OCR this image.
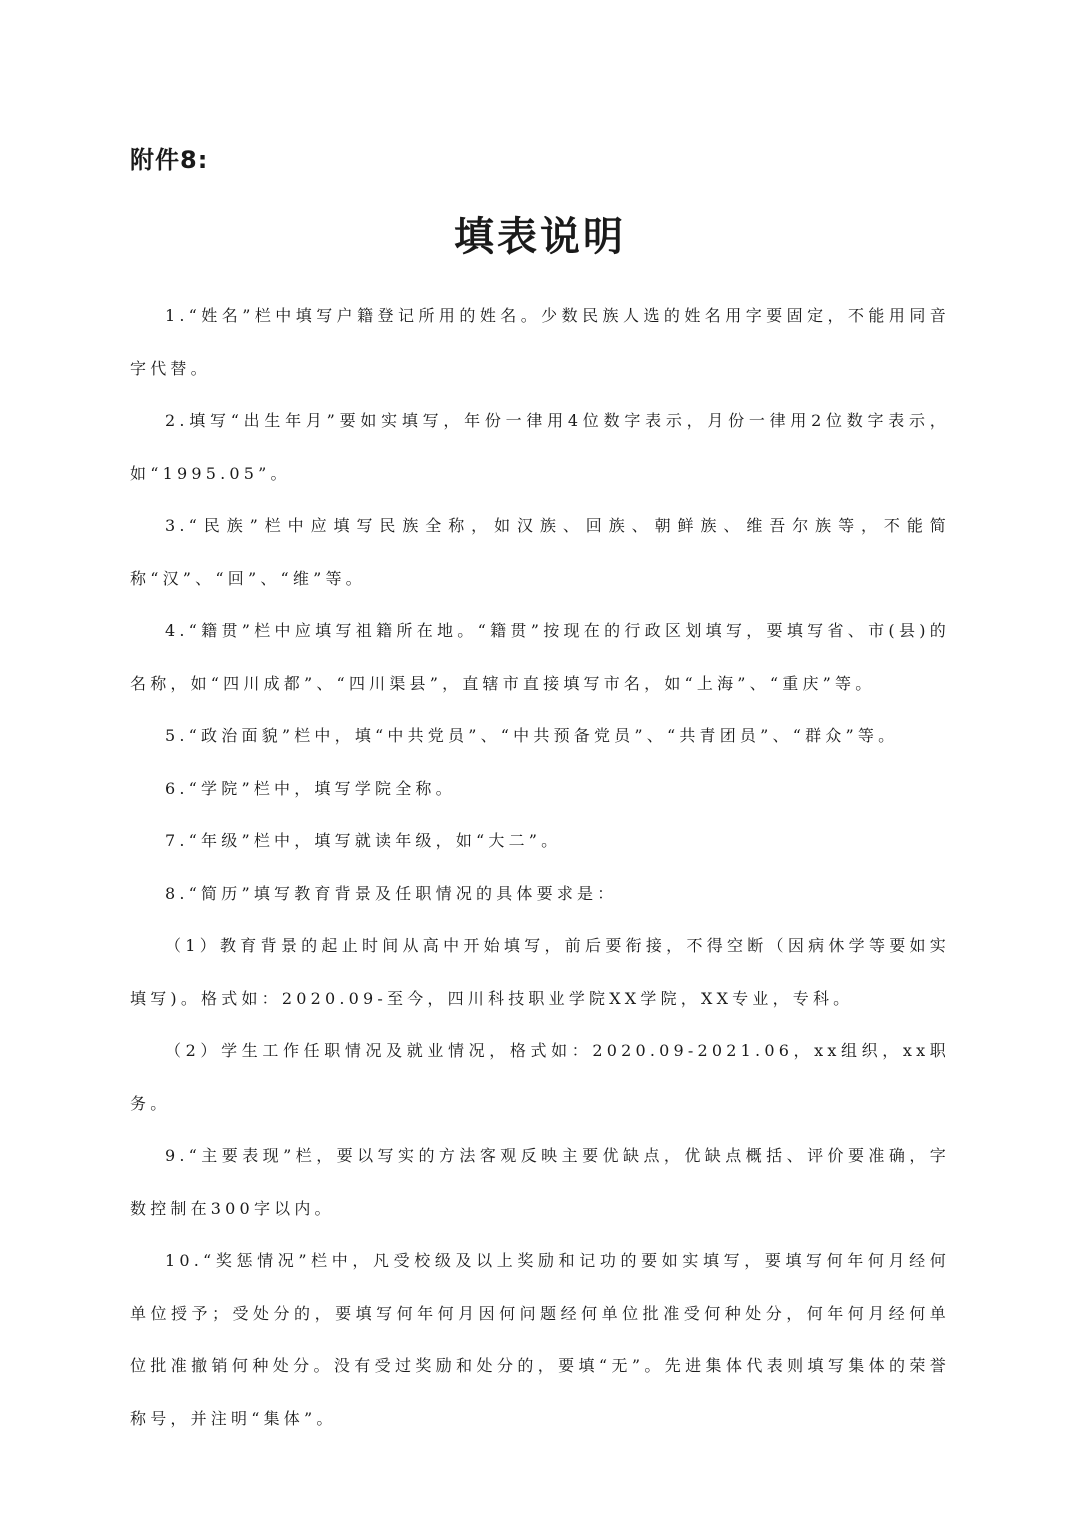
附件8:
填表说明

1.“姓名”栏中填写户籍登记所用的姓名。少数民族人选的姓名用字要固定，不能用同音字代替。

2.填写“出生年月”要如实填写，年份一律用4位数字表示，月份一律用2位数字表示，如“1995.05”。

3.“民族”栏中应填写民族全称，如汉族、回族、朝鲜族、维吾尔族等，不能简称“汉”、“回”、“维”等。

4.“籍贯”栏中应填写祖籍所在地。“籍贯”按现在的行政区划填写，要填写省、市(县)的名称，如“四川成都”、“四川渠县”，直辖市直接填写市名，如“上海”、“重庆”等。

5.“政治面貌”栏中，填“中共党员”、“中共预备党员”、“共青团员”、“群众”等。

6.“学院”栏中，填写学院全称。

7.“年级”栏中，填写就读年级，如“大二”。

8.“简历”填写教育背景及任职情况的具体要求是：

（1）教育背景的起止时间从高中开始填写，前后要衔接，不得空断（因病休学等要如实填写)。格式如：2020.09-至今，四川科技职业学院XX学院，XX专业，专科。

（2）学生工作任职情况及就业情况，格式如：2020.09-2021.06，xx组织，xx职务。

9.“主要表现”栏，要以写实的方法客观反映主要优缺点，优缺点概括、评价要准确，字数控制在300字以内。

10.“奖惩情况”栏中，凡受校级及以上奖励和记功的要如实填写，要填写何年何月经何单位授予；受处分的，要填写何年何月因何问题经何单位批准受何种处分，何年何月经何单位批准撤销何种处分。没有受过奖励和处分的，要填“无”。先进集体代表则填写集体的荣誉称号，并注明“集体”。
